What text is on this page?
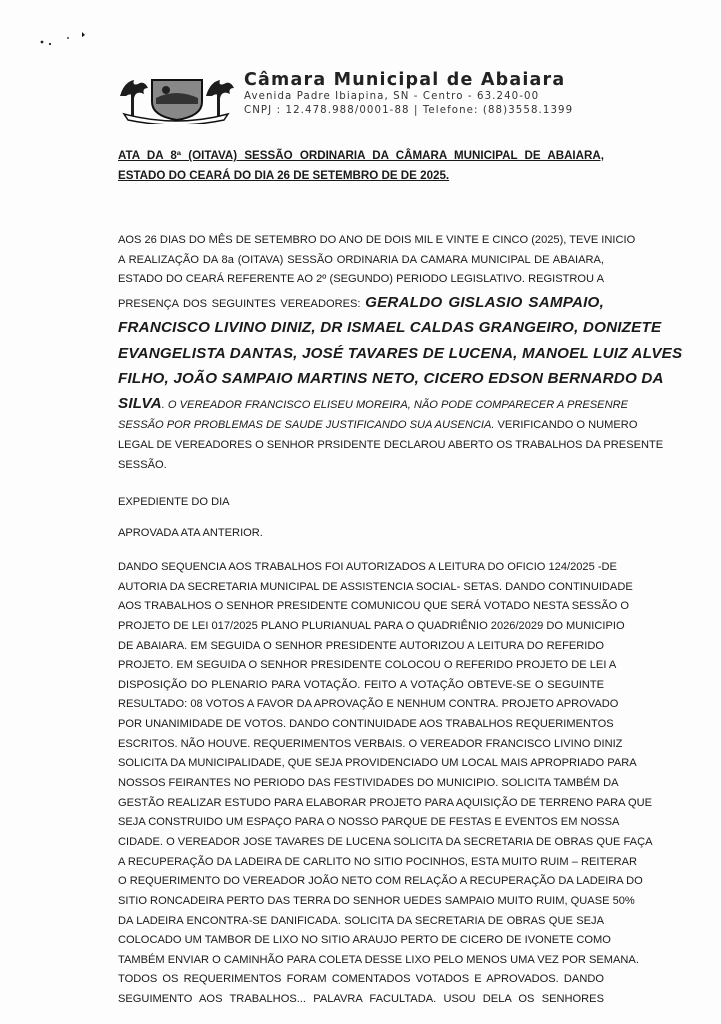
Câmara Municipal de Abaiara
Avenida Padre Ibiapina, SN - Centro - 63.240-00
CNPJ : 12.478.988/0001-88 | Telefone: (88)3558.1399
ATA DA 8ª (OITAVA) SESSÃO ORDINARIA DA CÂMARA MUNICIPAL DE ABAIARA,
ESTADO DO CEARÁ DO DIA 26 DE SETEMBRO DE DE 2025.
AOS 26 DIAS DO MÊS DE SETEMBRO DO ANO DE DOIS MIL E VINTE E CINCO (2025), TEVE INICIO
A REALIZAÇÃO DA 8a (OITAVA) SESSÃO ORDINARIA DA CAMARA MUNICIPAL DE ABAIARA,
ESTADO DO CEARÁ REFERENTE AO 2º (SEGUNDO) PERIODO LEGISLATIVO. REGISTROU A
PRESENÇA DOS SEGUINTES VEREADORES: GERALDO GISLASIO SAMPAIO,
FRANCISCO LIVINO DINIZ, DR ISMAEL CALDAS GRANGEIRO, DONIZETE
EVANGELISTA DANTAS, JOSÉ TAVARES DE LUCENA, MANOEL LUIZ ALVES
FILHO, JOÃO SAMPAIO MARTINS NETO, CICERO EDSON BERNARDO DA
SILVA. O VEREADOR FRANCISCO ELISEU MOREIRA, NÃO PODE COMPARECER A PRESENRE
SESSÃO POR PROBLEMAS DE SAUDE JUSTIFICANDO SUA AUSENCIA. VERIFICANDO O NUMERO
LEGAL DE VEREADORES O SENHOR PRSIDENTE DECLAROU ABERTO OS TRABALHOS DA PRESENTE
SESSÃO.
EXPEDIENTE DO DIA
APROVADA ATA ANTERIOR.
DANDO SEQUENCIA AOS TRABALHOS FOI AUTORIZADOS A LEITURA DO OFICIO 124/2025 -DE
AUTORIA DA SECRETARIA MUNICIPAL DE ASSISTENCIA SOCIAL- SETAS. DANDO CONTINUIDADE
AOS TRABALHOS O SENHOR PRESIDENTE COMUNICOU QUE SERÁ VOTADO NESTA SESSÃO O
PROJETO DE LEI 017/2025 PLANO PLURIANUAL PARA O QUADRIÊNIO 2026/2029 DO MUNICIPIO
DE ABAIARA. EM SEGUIDA O SENHOR PRESIDENTE AUTORIZOU A LEITURA DO REFERIDO
PROJETO. EM SEGUIDA O SENHOR PRESIDENTE COLOCOU O REFERIDO PROJETO DE LEI A
DISPOSIÇÃO DO PLENARIO PARA VOTAÇÃO. FEITO A VOTAÇÃO OBTEVE-SE O SEGUINTE
RESULTADO: 08 VOTOS A FAVOR DA APROVAÇÃO E NENHUM CONTRA. PROJETO APROVADO
POR UNANIMIDADE DE VOTOS. DANDO CONTINUIDADE AOS TRABALHOS REQUERIMENTOS
ESCRITOS. NÃO HOUVE. REQUERIMENTOS VERBAIS. O VEREADOR FRANCISCO LIVINO DINIZ
SOLICITA DA MUNICIPALIDADE, QUE SEJA PROVIDENCIADO UM LOCAL MAIS APROPRIADO PARA
NOSSOS FEIRANTES NO PERIODO DAS FESTIVIDADES DO MUNICIPIO. SOLICITA TAMBÉM DA
GESTÃO REALIZAR ESTUDO PARA ELABORAR PROJETO PARA AQUISIÇÃO DE TERRENO PARA QUE
SEJA CONSTRUIDO UM ESPAÇO PARA O NOSSO PARQUE DE FESTAS E EVENTOS EM NOSSA
CIDADE. O VEREADOR JOSE TAVARES DE LUCENA SOLICITA DA SECRETARIA DE OBRAS QUE FAÇA
A RECUPERAÇÃO DA LADEIRA DE CARLITO NO SITIO POCINHOS, ESTA MUITO RUIM – REITERAR
O REQUERIMENTO DO VEREADOR JOÃO NETO COM RELAÇÃO A RECUPERAÇÃO DA LADEIRA DO
SITIO RONCADEIRA PERTO DAS TERRA DO SENHOR UEDES SAMPAIO MUITO RUIM, QUASE 50%
DA LADEIRA ENCONTRA-SE DANIFICADA. SOLICITA DA SECRETARIA DE OBRAS QUE SEJA
COLOCADO UM TAMBOR DE LIXO NO SITIO ARAUJO PERTO DE CICERO DE IVONETE COMO
TAMBÉM ENVIAR O CAMINHÃO PARA COLETA DESSE LIXO PELO MENOS UMA VEZ POR SEMANA.
TODOS OS REQUERIMENTOS FORAM COMENTADOS VOTADOS E APROVADOS. DANDO
SEGUIMENTO AOS TRABALHOS... PALAVRA FACULTADA. USOU DELA OS SENHORES
